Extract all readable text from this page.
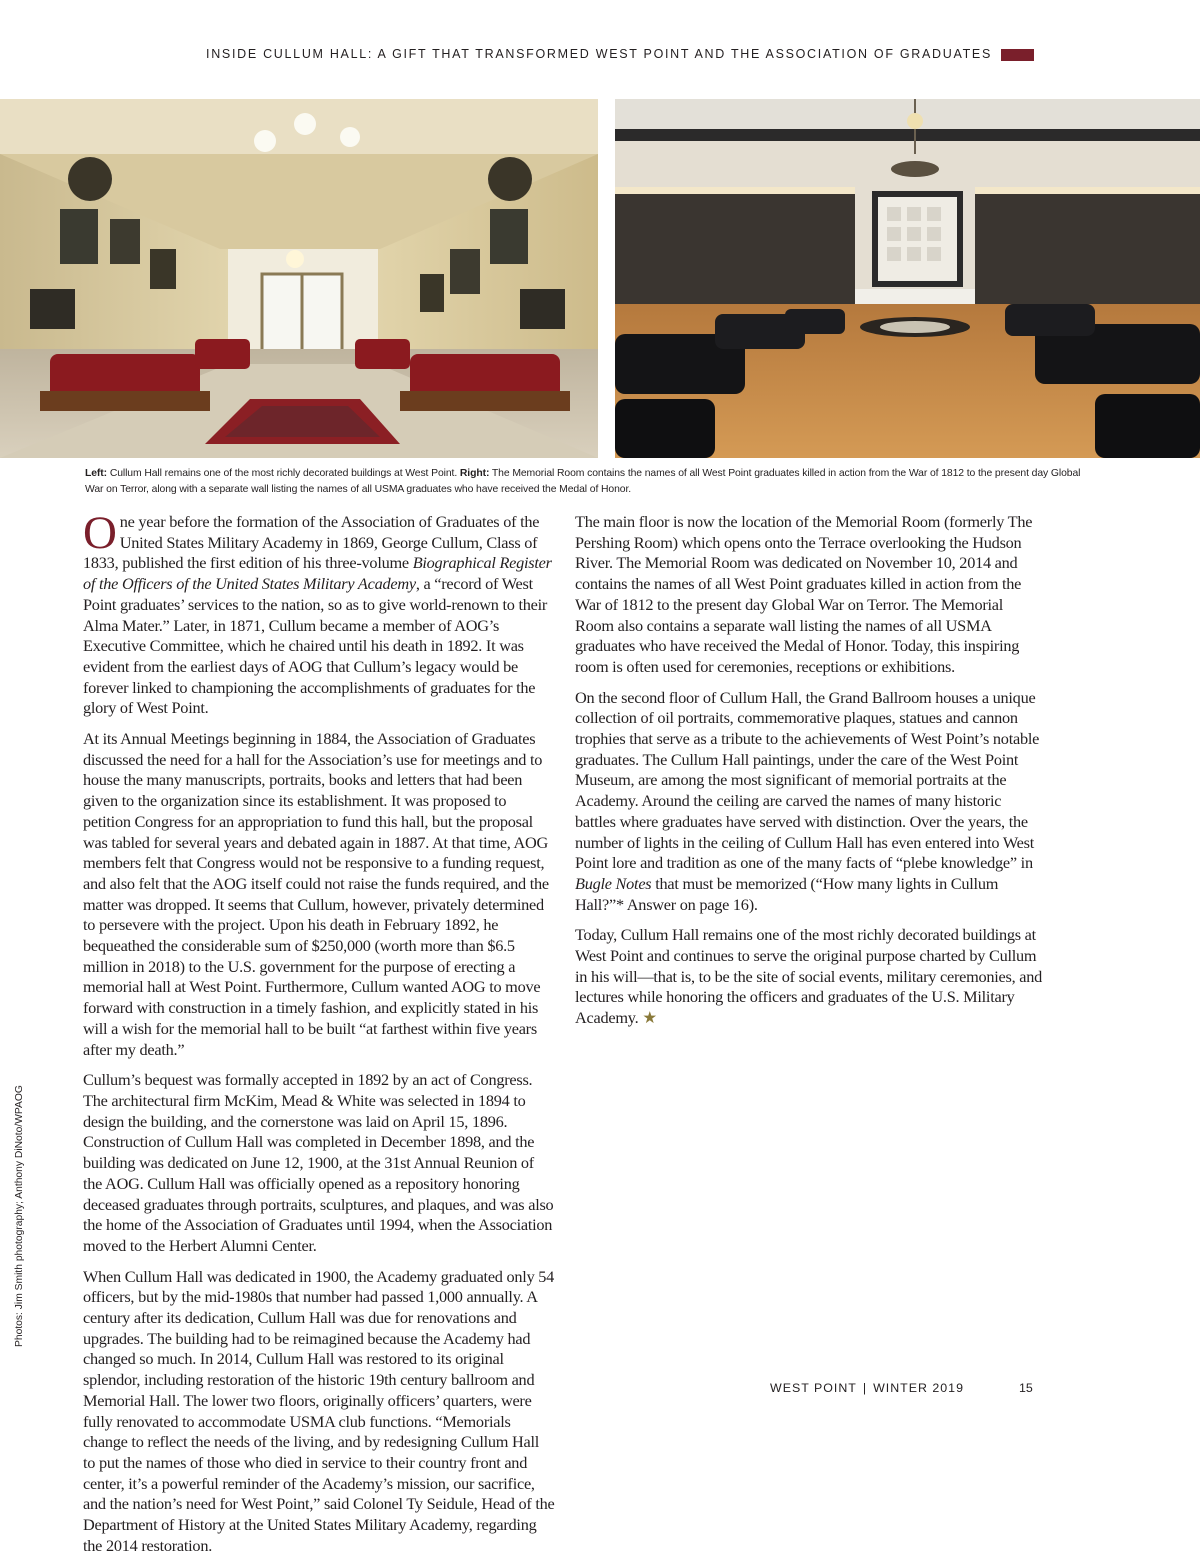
INSIDE CULLUM HALL: A GIFT THAT TRANSFORMED WEST POINT AND THE ASSOCIATION OF GRADUATES
Left: Cullum Hall remains one of the most richly decorated buildings at West Point. Right: The Memorial Room contains the names of all West Point graduates killed in action from the War of 1812 to the present day Global War on Terror, along with a separate wall listing the names of all USMA graduates who have received the Medal of Honor.

One year before the formation of the Association of Graduates of the United States Military Academy in 1869, George Cullum, Class of 1833, published the first edition of his three-volume Biographical Register of the Officers of the United States Military Academy, a “record of West Point graduates’ services to the nation, so as to give world-renown to their Alma Mater.” Later, in 1871, Cullum became a member of AOG’s Executive Committee, which he chaired until his death in 1892. It was evident from the earliest days of AOG that Cullum’s legacy would be forever linked to championing the accomplishments of graduates for the glory of West Point.

At its Annual Meetings beginning in 1884, the Association of Graduates discussed the need for a hall for the Association’s use for meetings and to house the many manuscripts, portraits, books and letters that had been given to the organization since its establishment. It was proposed to petition Congress for an appropriation to fund this hall, but the proposal was tabled for several years and debated again in 1887. At that time, AOG members felt that Congress would not be responsive to a funding request, and also felt that the AOG itself could not raise the funds required, and the matter was dropped. It seems that Cullum, however, privately determined to persevere with the project. Upon his death in February 1892, he bequeathed the considerable sum of $250,000 (worth more than $6.5 million in 2018) to the U.S. government for the purpose of erecting a memorial hall at West Point. Furthermore, Cullum wanted AOG to move forward with construction in a timely fashion, and explicitly stated in his will a wish for the memorial hall to be built “at farthest within five years after my death.”

Cullum’s bequest was formally accepted in 1892 by an act of Congress. The architectural firm McKim, Mead & White was selected in 1894 to design the building, and the cornerstone was laid on April 15, 1896. Construction of Cullum Hall was completed in December 1898, and the building was dedicated on June 12, 1900, at the 31st Annual Reunion of the AOG. Cullum Hall was officially opened as a repository honoring deceased graduates through portraits, sculptures, and plaques, and was also the home of the Association of Graduates until 1994, when the Association moved to the Herbert Alumni Center.

When Cullum Hall was dedicated in 1900, the Academy graduated only 54 officers, but by the mid-1980s that number had passed 1,000 annually. A century after its dedication, Cullum Hall was due for renovations and upgrades. The building had to be reimagined because the Academy had changed so much. In 2014, Cullum Hall was restored to its original splendor, including restoration of the historic 19th century ballroom and Memorial Hall. The lower two floors, originally officers’ quarters, were fully renovated to accommodate USMA club functions. “Memorials change to reflect the needs of the living, and by redesigning Cullum Hall to put the names of those who died in service to their country front and center, it’s a powerful reminder of the Academy’s mission, our sacrifice, and the nation’s need for West Point,” said Colonel Ty Seidule, Head of the Department of History at the United States Military Academy, regarding the 2014 restoration.

The main floor is now the location of the Memorial Room (formerly The Pershing Room) which opens onto the Terrace overlooking the Hudson River. The Memorial Room was dedicated on November 10, 2014 and contains the names of all West Point graduates killed in action from the War of 1812 to the present day Global War on Terror. The Memorial Room also contains a separate wall listing the names of all USMA graduates who have received the Medal of Honor. Today, this inspiring room is often used for ceremonies, receptions or exhibitions.

On the second floor of Cullum Hall, the Grand Ballroom houses a unique collection of oil portraits, commemorative plaques, statues and cannon trophies that serve as a tribute to the achievements of West Point’s notable graduates. The Cullum Hall paintings, under the care of the West Point Museum, are among the most significant of memorial portraits at the Academy. Around the ceiling are carved the names of many historic battles where graduates have served with distinction. Over the years, the number of lights in the ceiling of Cullum Hall has even entered into West Point lore and tradition as one of the many facts of “plebe knowledge” in Bugle Notes that must be memorized (“How many lights in Cullum Hall?”* Answer on page 16).

Today, Cullum Hall remains one of the most richly decorated buildings at West Point and continues to serve the original purpose charted by Cullum in his will—that is, to be the site of social events, military ceremonies, and lectures while honoring the officers and graduates of the U.S. Military Academy. ★

Photos: Jim Smith photography; Anthony DiNoto/WPAOG
WEST POINT | WINTER 2019	15
